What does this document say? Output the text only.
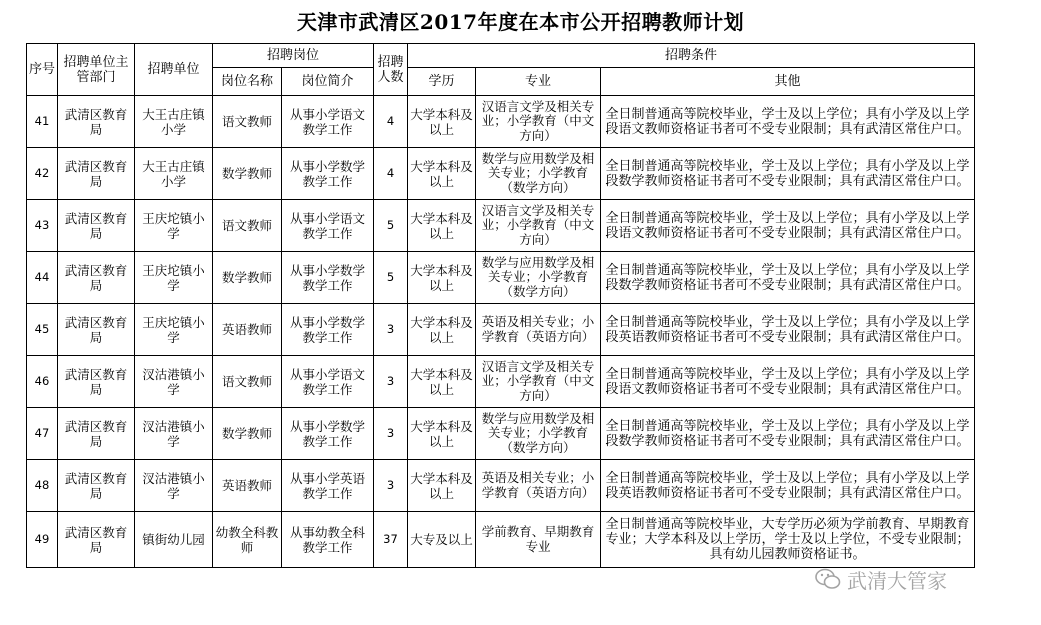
天津市武清区2017年度在本市公开招聘教师计划
序号	招聘单位主管部门	招聘单位	招聘岗位		招聘人数	招聘条件		
			岗位名称	岗位简介		学历	专业	其他
41	武清区教育局	大王古庄镇小学	语文教师	从事小学语文教学工作	4	大学本科及以上	汉语言文学及相关专业；小学教育（中文方向）	全日制普通高等院校毕业，学士及以上学位；具有小学及以上学段语文教师资格证书者可不受专业限制；具有武清区常住户口。
42	武清区教育局	大王古庄镇小学	数学教师	从事小学数学教学工作	4	大学本科及以上	数学与应用数学及相关专业；小学教育（数学方向）	全日制普通高等院校毕业，学士及以上学位；具有小学及以上学段数学教师资格证书者可不受专业限制；具有武清区常住户口。
43	武清区教育局	王庆坨镇小学	语文教师	从事小学语文教学工作	5	大学本科及以上	汉语言文学及相关专业；小学教育（中文方向）	全日制普通高等院校毕业，学士及以上学位；具有小学及以上学段语文教师资格证书者可不受专业限制；具有武清区常住户口。
44	武清区教育局	王庆坨镇小学	数学教师	从事小学数学教学工作	5	大学本科及以上	数学与应用数学及相关专业；小学教育（数学方向）	全日制普通高等院校毕业，学士及以上学位；具有小学及以上学段数学教师资格证书者可不受专业限制；具有武清区常住户口。
45	武清区教育局	王庆坨镇小学	英语教师	从事小学数学教学工作	3	大学本科及以上	英语及相关专业；小学教育（英语方向）	全日制普通高等院校毕业，学士及以上学位；具有小学及以上学段英语教师资格证书者可不受专业限制；具有武清区常住户口。
46	武清区教育局	汊沽港镇小学	语文教师	从事小学语文教学工作	3	大学本科及以上	汉语言文学及相关专业；小学教育（中文方向）	全日制普通高等院校毕业，学士及以上学位；具有小学及以上学段语文教师资格证书者可不受专业限制；具有武清区常住户口。
47	武清区教育局	汊沽港镇小学	数学教师	从事小学数学教学工作	3	大学本科及以上	数学与应用数学及相关专业；小学教育（数学方向）	全日制普通高等院校毕业，学士及以上学位；具有小学及以上学段数学教师资格证书者可不受专业限制；具有武清区常住户口。
48	武清区教育局	汊沽港镇小学	英语教师	从事小学英语教学工作	3	大学本科及以上	英语及相关专业；小学教育（英语方向）	全日制普通高等院校毕业，学士及以上学位；具有小学及以上学段英语教师资格证书者可不受专业限制；具有武清区常住户口。
49	武清区教育局	镇街幼儿园	幼教全科教师	从事幼教全科教学工作	37	大专及以上	学前教育、早期教育专业	全日制普通高等院校毕业，大专学历必须为学前教育、早期教育专业；大学本科及以上学历，学士及以上学位，不受专业限制；具有幼儿园教师资格证书。
武清大管家
